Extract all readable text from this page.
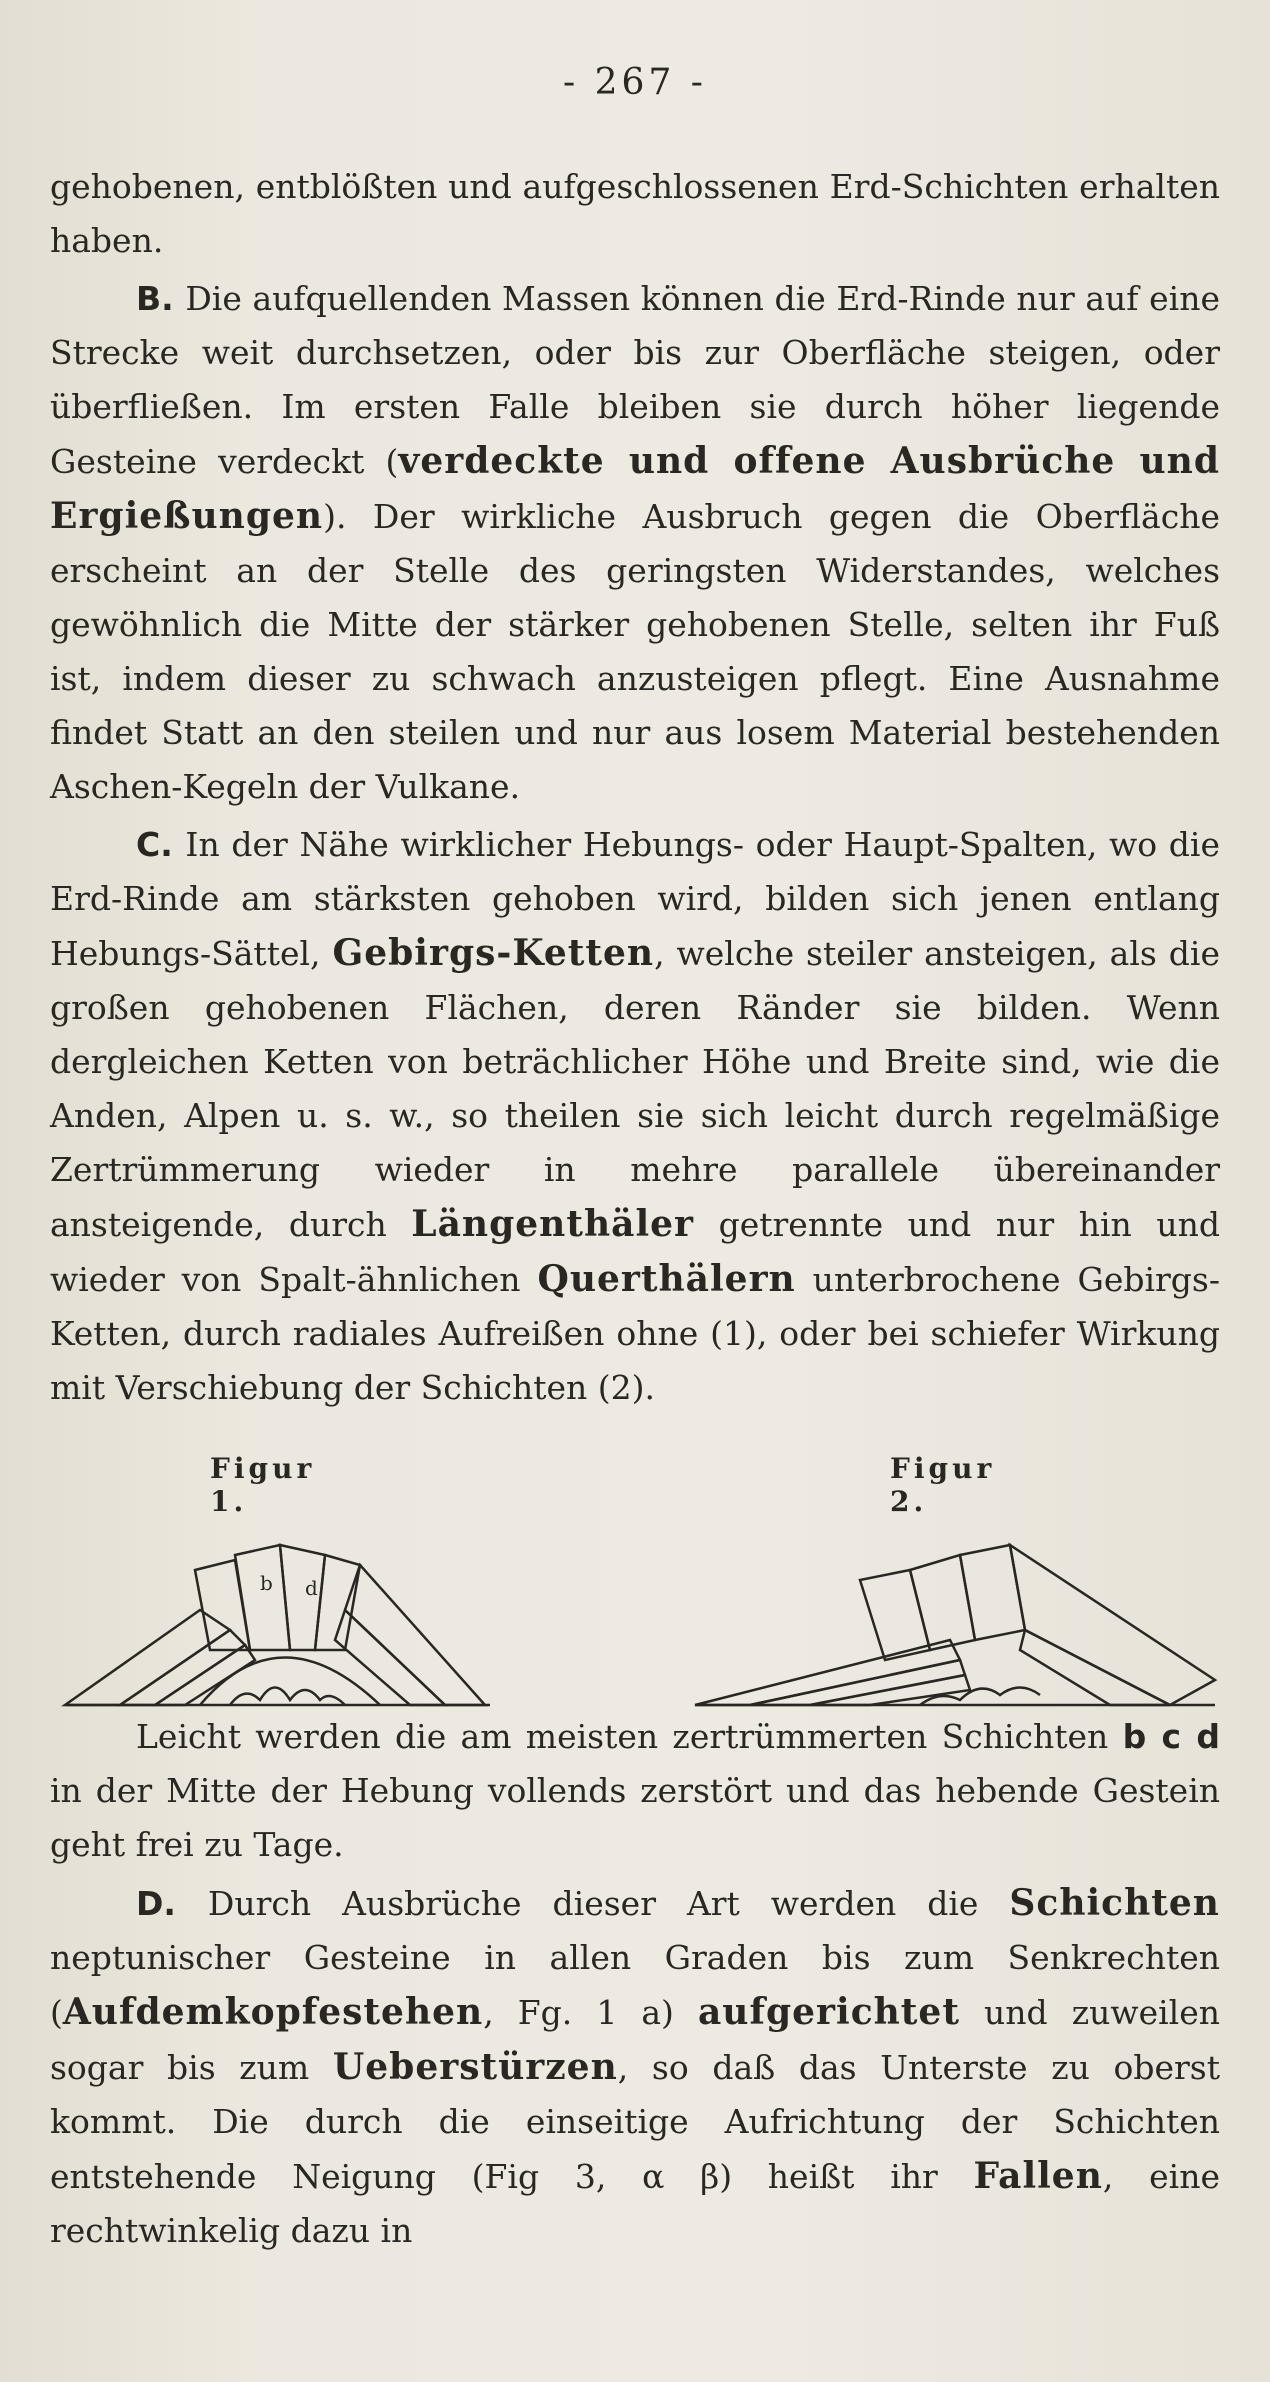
- 267 -

gehobenen, entblößten und aufgeschlossenen Erd-Schichten erhalten haben.

B. Die aufquellenden Massen können die Erd-Rinde nur auf eine Strecke weit durchsetzen, oder bis zur Oberfläche steigen, oder überfließen. Im ersten Falle bleiben sie durch höher liegende Gesteine verdeckt (verdeckte und offene Ausbrüche und Ergießungen). Der wirkliche Ausbruch gegen die Oberfläche erscheint an der Stelle des geringsten Widerstandes, welches gewöhnlich die Mitte der stärker gehobenen Stelle, selten ihr Fuß ist, indem dieser zu schwach anzusteigen pflegt. Eine Ausnahme findet Statt an den steilen und nur aus losem Material bestehenden Aschen-Kegeln der Vulkane.

C. In der Nähe wirklicher Hebungs- oder Haupt-Spalten, wo die Erd-Rinde am stärksten gehoben wird, bilden sich jenen entlang Hebungs-Sättel, Gebirgs-Ketten, welche steiler ansteigen, als die großen gehobenen Flächen, deren Ränder sie bilden. Wenn dergleichen Ketten von beträchlicher Höhe und Breite sind, wie die Anden, Alpen u. s. w., so theilen sie sich leicht durch regelmäßige Zertrümmerung wieder in mehre parallele übereinander ansteigende, durch Längenthäler getrennte und nur hin und wieder von Spalt-ähnlichen Querthälern unterbrochene Gebirgs-Ketten, durch radiales Aufreißen ohne (1), oder bei schiefer Wirkung mit Verschiebung der Schichten (2).

Figur 1.
b d
Figur 2.

Leicht werden die am meisten zertrümmerten Schichten b c d in der Mitte der Hebung vollends zerstört und das hebende Gestein geht frei zu Tage.

D. Durch Ausbrüche dieser Art werden die Schichten neptunischer Gesteine in allen Graden bis zum Senkrechten (Aufdemkopfestehen, Fg. 1 a) aufgerichtet und zuweilen sogar bis zum Ueberstürzen, so daß das Unterste zu oberst kommt. Die durch die einseitige Aufrichtung der Schichten entstehende Neigung (Fig 3, α β) heißt ihr Fallen, eine rechtwinkelig dazu in
